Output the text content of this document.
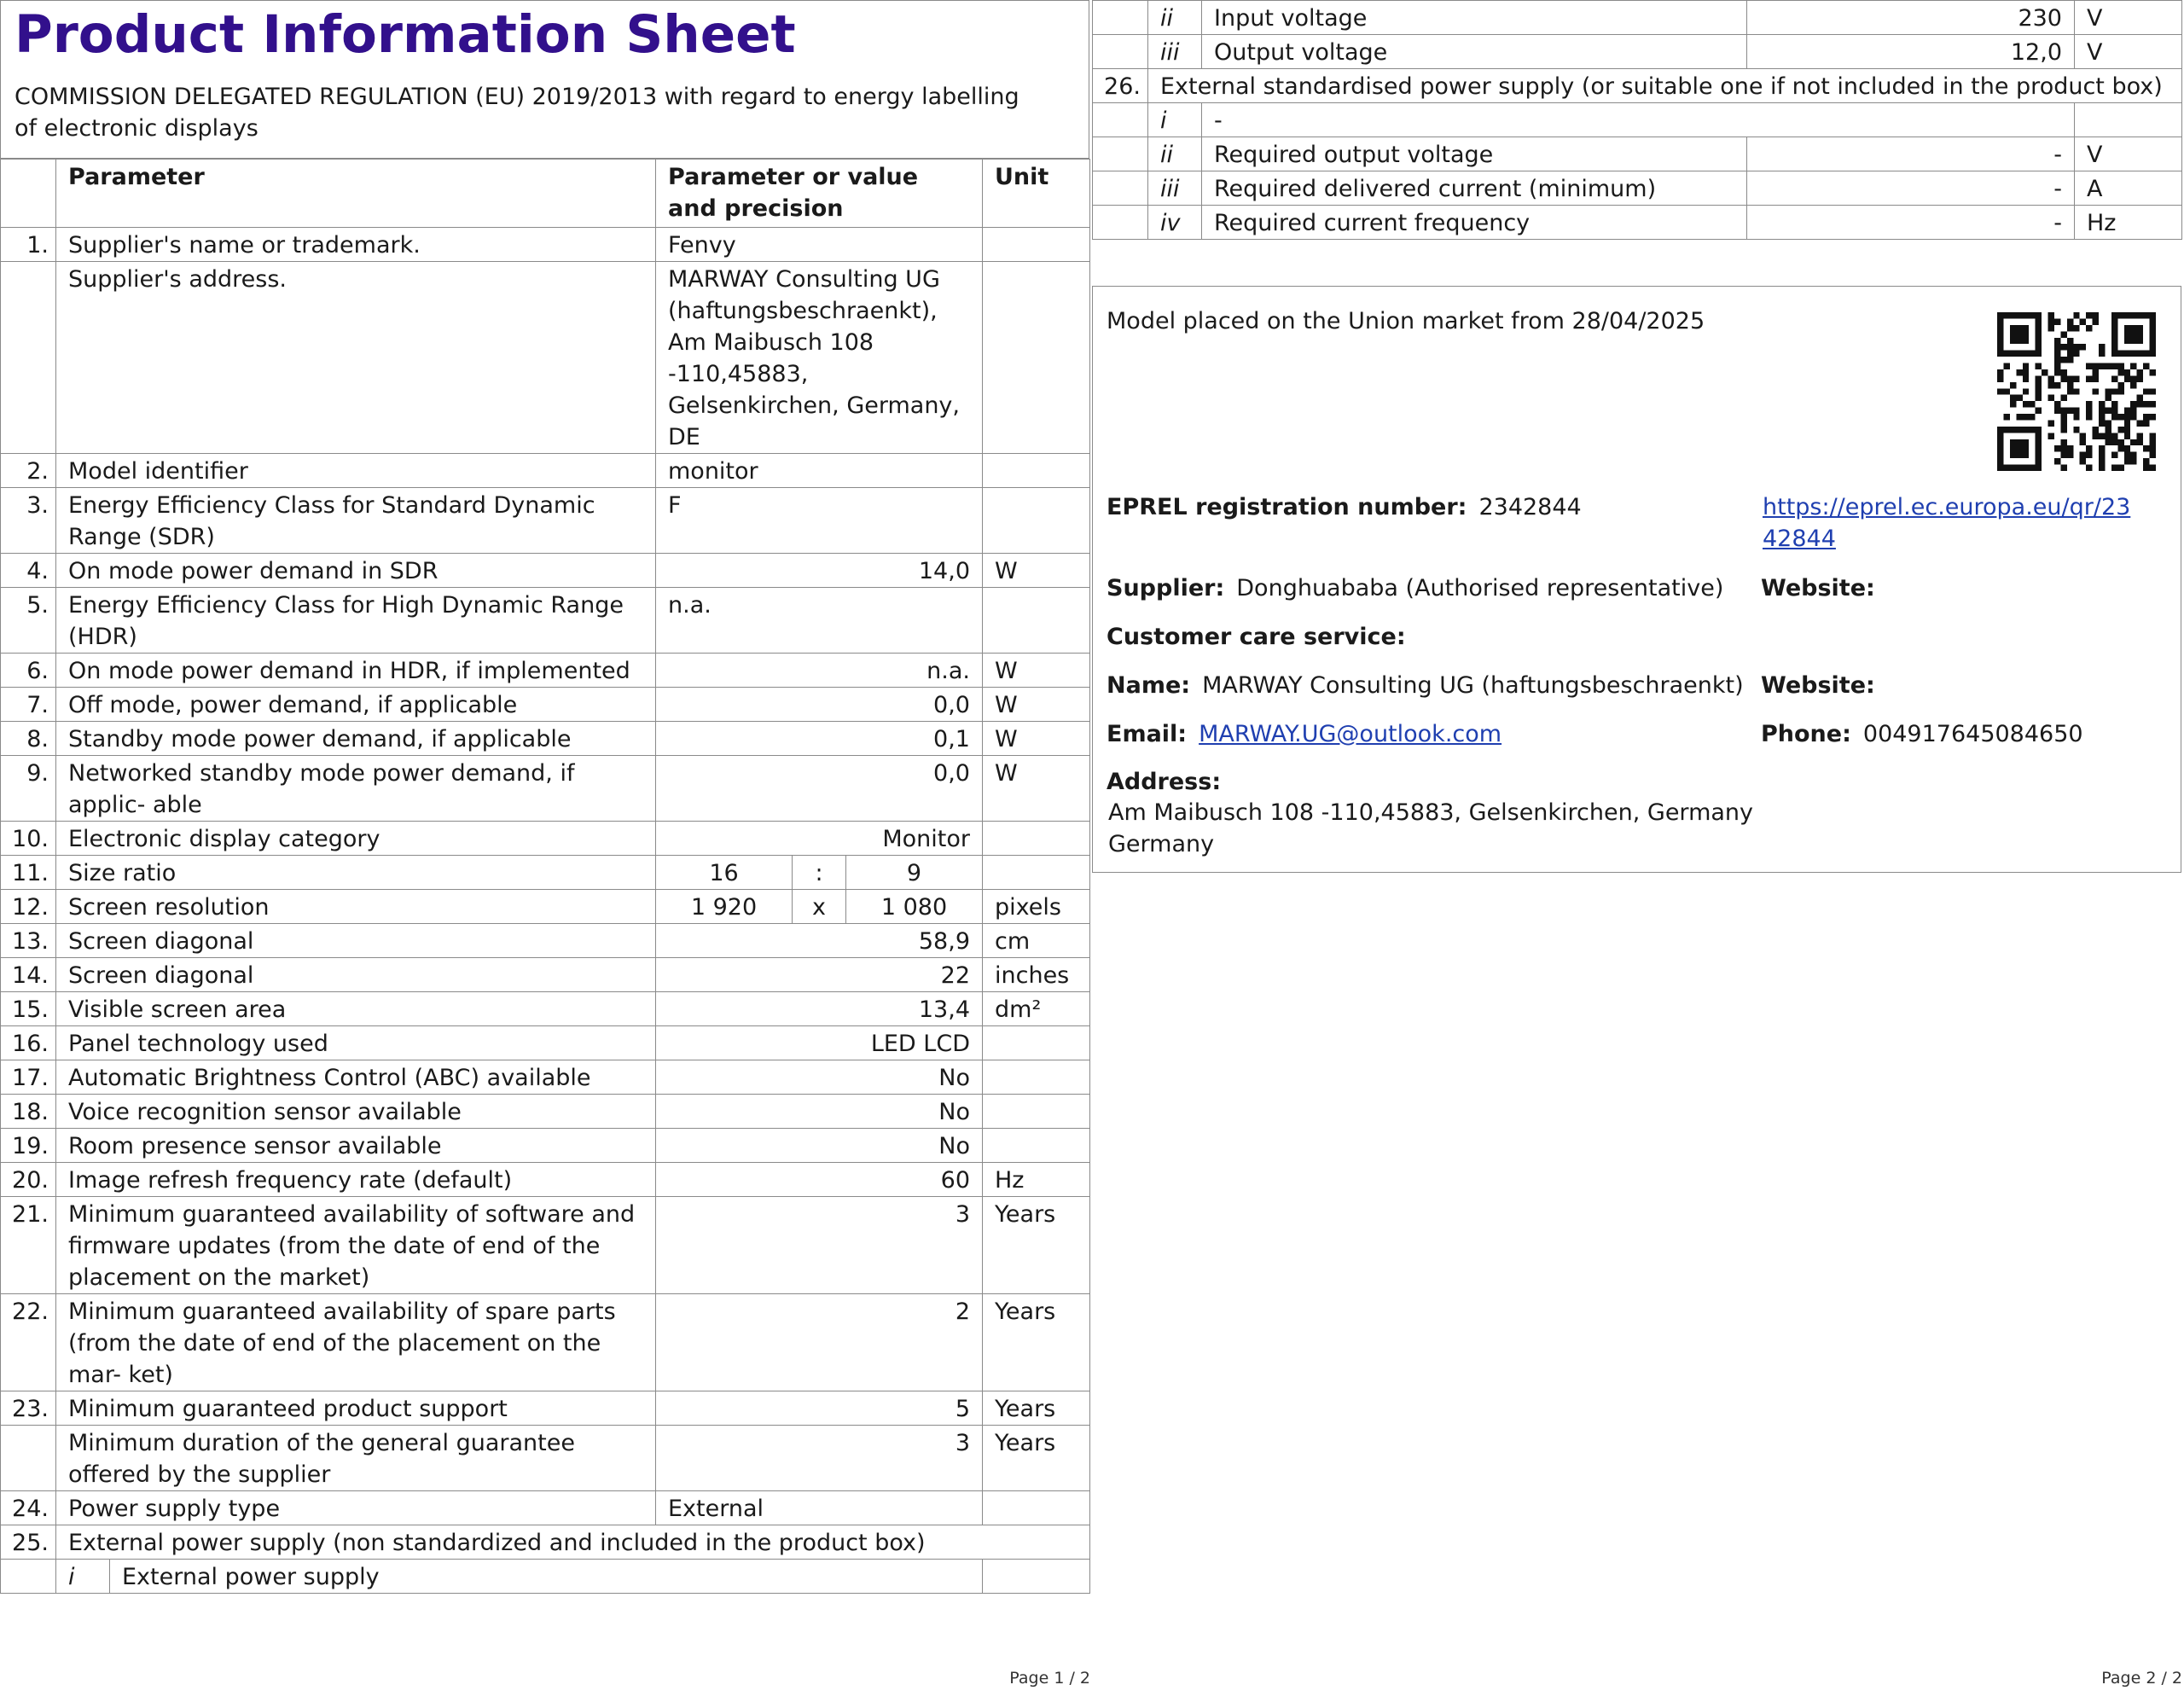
Product Information Sheet
COMMISSION DELEGATED REGULATION (EU) 2019/2013 with regard to energy labelling of electronic displays
	Parameter		Parameter or value and precision			Unit
1.	Supplier's name or trademark.		Fenvy			
	Supplier's address.		MARWAY Consulting UG (haftungsbeschraenkt), Am Maibusch 108 -110,45883, Gelsenkirchen, Germany, DE			
2.	Model identifier		monitor			
3.	Energy Efficiency Class for Standard Dynamic Range (SDR)		F			
4.	On mode power demand in SDR		14,0			W
5.	Energy Efficiency Class for High Dynamic Range (HDR)		n.a.			
6.	On mode power demand in HDR, if implemented		n.a.			W
7.	Off mode, power demand, if applicable		0,0			W
8.	Standby mode power demand, if applicable		0,1			W
9.	Networked standby mode power demand, if applic- able		0,0			W
10.	Electronic display category		Monitor			
11.	Size ratio		16	:	9	
12.	Screen resolution		1 920	x	1 080	pixels
13.	Screen diagonal		58,9			cm
14.	Screen diagonal		22			inches
15.	Visible screen area		13,4			dm²
16.	Panel technology used		LED LCD			
17.	Automatic Brightness Control (ABC) available		No			
18.	Voice recognition sensor available		No			
19.	Room presence sensor available		No			
20.	Image refresh frequency rate (default)		60			Hz
21.	Minimum guaranteed availability of software and firmware updates (from the date of end of the placement on the market)		3			Years
22.	Minimum guaranteed availability of spare parts (from the date of end of the placement on the mar- ket)		2			Years
23.	Minimum guaranteed product support		5			Years
	Minimum duration of the general guarantee offered by the supplier		3			Years
24.	Power supply type		External			
25.	External power supply (non standardized and included in the product box)					
	i	External power supply				
Page 1 / 2
	ii	Input voltage	230	V
	iii	Output voltage	12,0	V
26.	External standardised power supply (or suitable one if not included in the product box)			
	i	-		
	ii	Required output voltage	-	V
	iii	Required delivered current (minimum)	-	A
	iv	Required current frequency	-	Hz
Model placed on the Union market from 28/04/2025
EPREL registration number: 2342844	https://eprel.ec.europa.eu/qr/23
42844
Supplier: Donghuababa (Authorised representative) Website:
Customer care service:
Name: MARWAY Consulting UG (haftungsbeschraenkt) Website:
Email: MARWAY.UG@outlook.com	Phone: 004917645084650
Address:
Am Maibusch 108 -110,45883, Gelsenkirchen, Germany
Germany
Page 2 / 2
